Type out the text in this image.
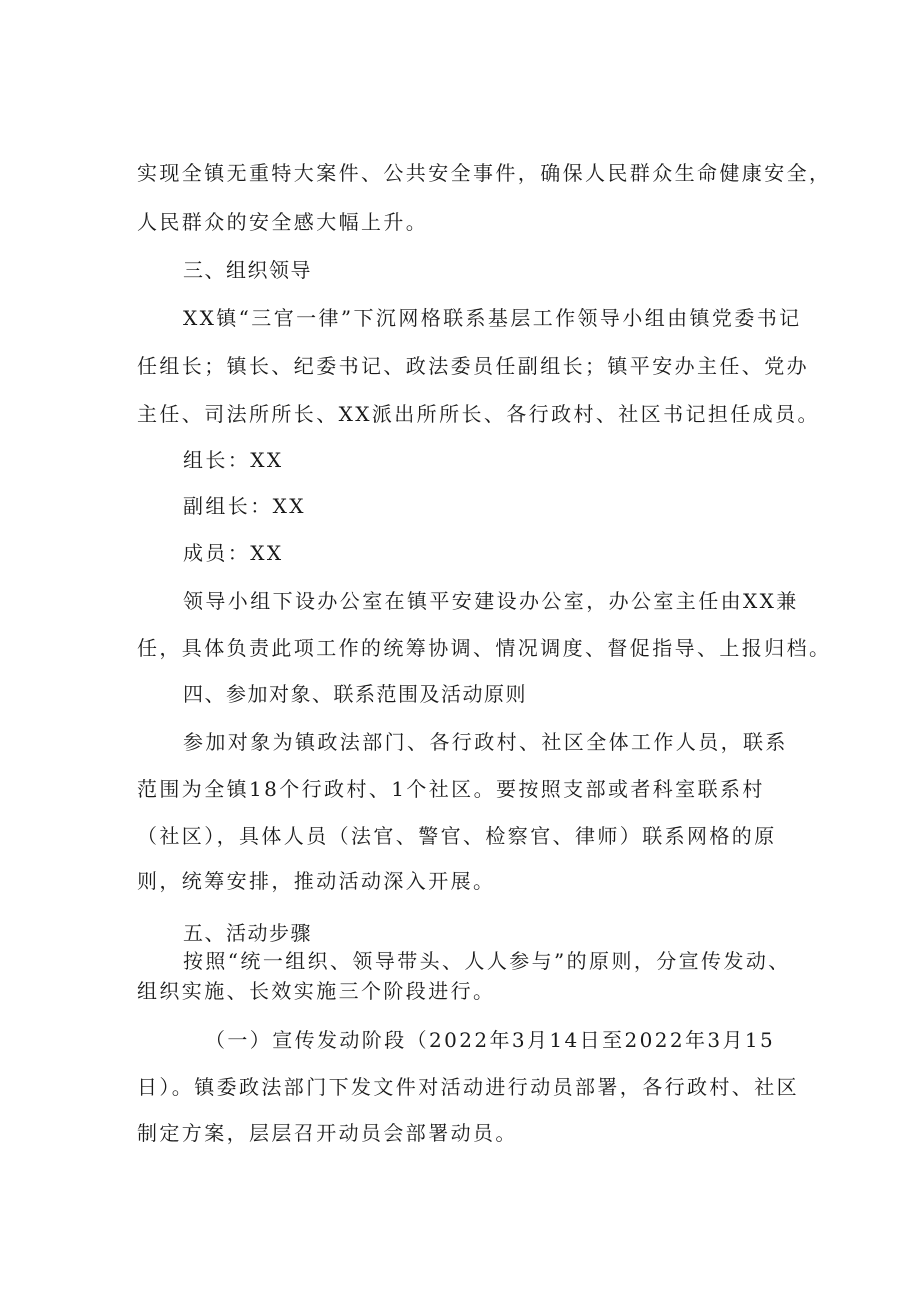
实现全镇无重特大案件、公共安全事件，确保人民群众生命健康安全，
人民群众的安全感大幅上升。
三、组织领导
XX镇“三官一律”下沉网格联系基层工作领导小组由镇党委书记
任组长；镇长、纪委书记、政法委员任副组长；镇平安办主任、党办
主任、司法所所长、XX派出所所长、各行政村、社区书记担任成员。
组长：XX
副组长：XX
成员：XX
领导小组下设办公室在镇平安建设办公室，办公室主任由XX兼
任，具体负责此项工作的统筹协调、情况调度、督促指导、上报归档。
四、参加对象、联系范围及活动原则
参加对象为镇政法部门、各行政村、社区全体工作人员，联系
范围为全镇18个行政村、1个社区。要按照支部或者科室联系村
（社区），具体人员（法官、警官、检察官、律师）联系网格的原
则，统筹安排，推动活动深入开展。
五、活动步骤
按照“统一组织、领导带头、人人参与”的原则，分宣传发动、
组织实施、长效实施三个阶段进行。
（一）宣传发动阶段（2022年3月14日至2022年3月15
日）。镇委政法部门下发文件对活动进行动员部署，各行政村、社区
制定方案，层层召开动员会部署动员。
